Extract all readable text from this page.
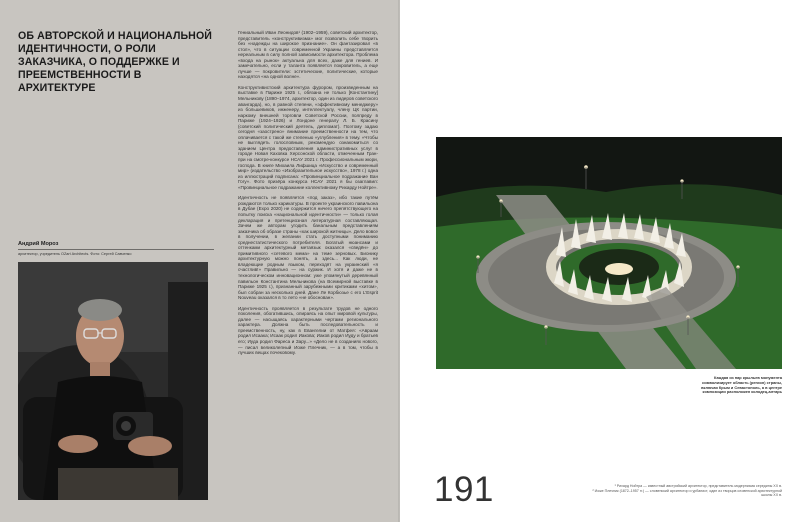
ОБ АВТОРСКОЙ И НАЦИОНАЛЬНОЙ ИДЕНТИЧНОСТИ, О РОЛИ ЗАКАЗЧИКА, О ПОДДЕРЖКЕ И ПРЕЕМСТВЕННОСТИ В АРХИТЕКТУРЕ

Гениальный Иван Леонидов¹ (1902–1959), советский архитектор, представитель «конструктивизма» мог позволить себе творить без «надежды на широкое признание». Он фантазировал «в стол», что в ситуации современной Украины представляется нереальным в силу полной зависимости архитектора. Проблема «входа на рынок» актуальна для всех, даже для гениев. И замечательно, если у таланта появляется покровитель, а еще лучше — покровители: эстетические, политические, которые находятся «на одной волне».

Конструктивистский архитектура фурором, произведенным на выставке в Париже 1925 г., обязана не только [Константину] Мельникову (1890–1974, архитектор, один из лидеров советского авангарда), но, в равной степени, «эффективному менеджеру» из большевиков, инженеру, интеллектуалу, члену ЦК партии, наркому внешней торговли Советской России, полпреду в Париже (1924–1926) и Лондоне генералу Л. Б. Красину (советский политический деятель, дипломат). Поэтому задаю сегодня «заострено» внимание преемственности на тем, что оплачивается с такой же степенью «углубления» в тему. «Чтобы не выглядеть голословным, рекомендую ознакомиться со зданием Центра предоставления административных услуг в городе Новая Каховка Херсонской области, отмеченным Гран-при на смотре-конкурсе НСАУ 2021 г. Профессиональным жюри, господа. В книге Михаила Лифшица «Искусство и современный мир» (издательство «Изобразительное искусство», 1978 г.) одна из иллюстраций подписана: «Провинциальное подражание Ван Гогу». Фото призёра конкурса НСАУ 2021 я бы озаглавил: «Провинциальное подражание коллективному Рихарду Нойтре».

Идентичность не появляется «под заказ», ибо такие путём рождаются только карикатуры. В проекте украинского павильона в Дубае (Expo 2020) не содержится ничего препятствующего на попытку поиска «национальной идентичности» — только голая декларация и претенциозная литературная составляющая. Зачем же авторам угодить банальным представлениям заказчика об образе страны «как широкой житницы». Дело вовсе в получении, в желании стать доступными пониманию среднестатистического потребителя. Богатый нюансами и оттенками архитектурный метаязык оказался «сведён» до примитивного «сетевого мема» на теме зерновых. Бионику архитектурную можно понять, а здесь... Как люди, не владеющие родным языком, переходят на украинский «я счастлив!» Правильно — на суржик. И хотя и даже не в технологическом инновационном: уже упомянутый деревянный павильон Константина Мельникова (на Всемирной выставке в Париже 1925 г.), признанный зарубежными критиками «хитом», был собран за несколько дней. Дане Ле Корбюзье с его L'Esprit Nouveau оказался в то лето «не обоснован».

Идентичность проявляется в результате трудов не одного поколения, обогатившись, опираясь на опыт мировой культуры, далее — насыщаясь характерными чертами регионального характера. Должна быть последовательность и преемственность, ну, как в Евангелии от Матфея: «Авраам родил Исаака; Исаак родил Иакова; Иаков родил Иуду и братьев его; Иуда родил Фареса и Зару...» «Дело не в созданиях нового, — писал великолепный Иоже Плечник, — а в том, чтобы в лучших вещах почековому.

Андрий Мороз
архитектор, учредитель OZart Architects. Фото: Сергей Савченко
Каждая из пар крыльев монумента символизирует область (регион) страны, включая Крым и Севастополь, а в центре композиции расположен колодец-алтарь
191	¹ Рихард Нойтра — известный австрийский архитектор, представитель модернизма середины XX в.
² Иоже Плечник (1872–1957 гг.) — словенский архитектор и урбанист, один из творцов словенской архитектурной школы XX в.
